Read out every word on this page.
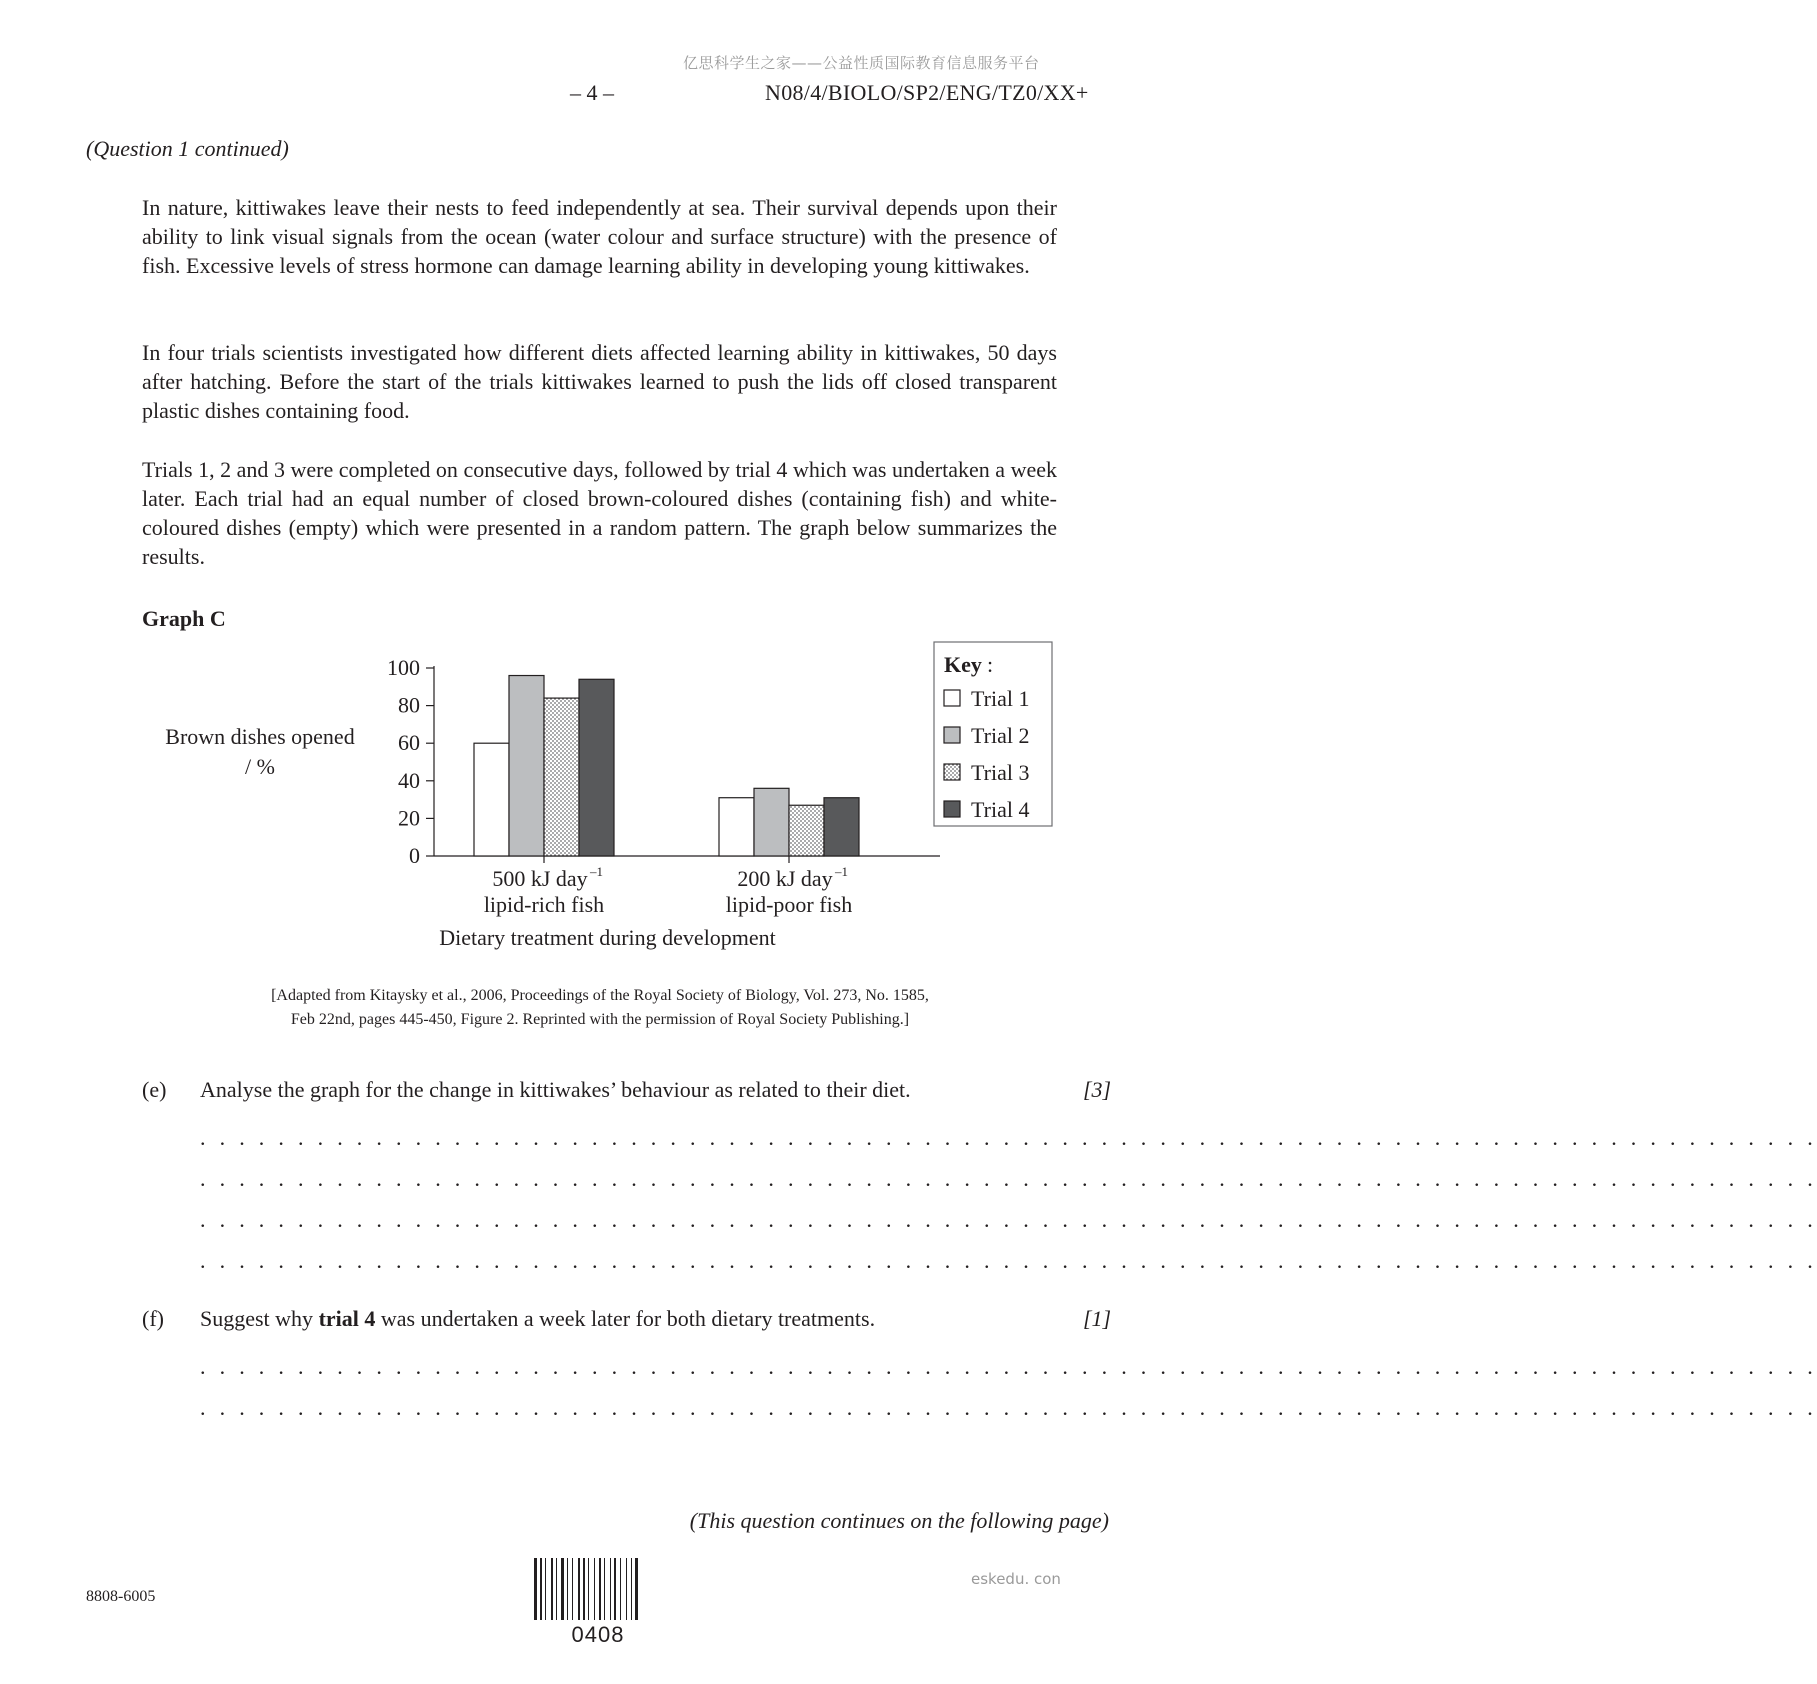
亿思科学生之家——公益性质国际教育信息服务平台
– 4 –	N08/4/BIOLO/SP2/ENG/TZ0/XX+
(Question 1 continued)
In nature, kittiwakes leave their nests to feed independently at sea. Their survival depends upon their ability to link visual signals from the ocean (water colour and surface structure) with the presence of fish. Excessive levels of stress hormone can damage learning ability in developing young kittiwakes.
In four trials scientists investigated how different diets affected learning ability in kittiwakes, 50 days after hatching. Before the start of the trials kittiwakes learned to push the lids off closed transparent plastic dishes containing food.
Trials 1, 2 and 3 were completed on consecutive days, followed by trial 4 which was undertaken a week later. Each trial had an equal number of closed brown-coloured dishes (containing fish) and white-coloured dishes (empty) which were presented in a random pattern. The graph below summarizes the results.
Graph C
Brown dishes opened
/ %
0
20
40
60
80
100
500 kJ day –1
lipid-rich fish
200 kJ day –1
lipid-poor fish
Key :
Trial 1
Trial 2
Trial 3
Trial 4
Dietary treatment during development
[Adapted from Kitaysky et al., 2006, Proceedings of the Royal Society of Biology, Vol. 273, No. 1585,
Feb 22nd, pages 445-450, Figure 2. Reprinted with the permission of Royal Society Publishing.]
(e) Analyse the graph for the change in kittiwakes’ behaviour as related to their diet.	[3]
. . . . . . . . . . . . . . . . . . . . . . . . . . . . . . . . . . . . . . . . . . . . . . . . . . . . . . . . . . . . . . . . . . . . . . . . . . . . . . . . . . .
. . . . . . . . . . . . . . . . . . . . . . . . . . . . . . . . . . . . . . . . . . . . . . . . . . . . . . . . . . . . . . . . . . . . . . . . . . . . . . . . . . .
. . . . . . . . . . . . . . . . . . . . . . . . . . . . . . . . . . . . . . . . . . . . . . . . . . . . . . . . . . . . . . . . . . . . . . . . . . . . . . . . . . .
. . . . . . . . . . . . . . . . . . . . . . . . . . . . . . . . . . . . . . . . . . . . . . . . . . . . . . . . . . . . . . . . . . . . . . . . . . . . . . . . . . .
(f) Suggest why trial 4 was undertaken a week later for both dietary treatments.	[1]
. . . . . . . . . . . . . . . . . . . . . . . . . . . . . . . . . . . . . . . . . . . . . . . . . . . . . . . . . . . . . . . . . . . . . . . . . . . . . . . . . . .
. . . . . . . . . . . . . . . . . . . . . . . . . . . . . . . . . . . . . . . . . . . . . . . . . . . . . . . . . . . . . . . . . . . . . . . . . . . . . . . . . . .
(This question continues on the following page)
8808-6005
eskedu. con
0408
